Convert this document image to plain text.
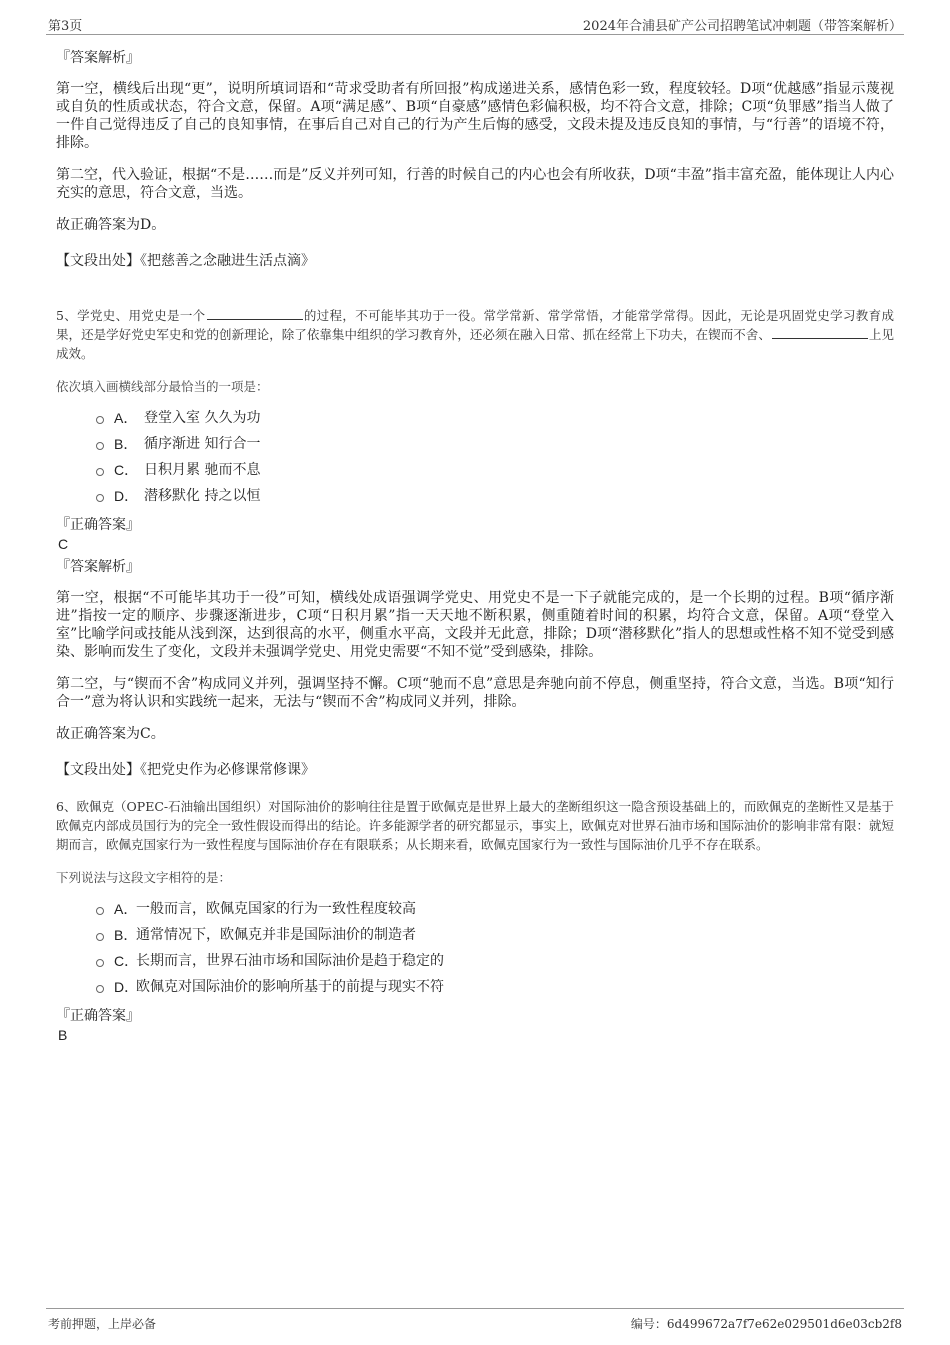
第3页	2024年合浦县矿产公司招聘笔试冲刺题（带答案解析）
『答案解析』
第一空，横线后出现“更”，说明所填词语和“苛求受助者有所回报”构成递进关系，感情色彩一致，程度较轻。D项“优越感”指显示蔑视或自负的性质或状态，符合文意，保留。A项“满足感”、B项“自豪感”感情色彩偏积极，均不符合文意，排除；C项“负罪感”指当人做了一件自己觉得违反了自己的良知事情，在事后自己对自己的行为产生后悔的感受，文段未提及违反良知的事情，与“行善”的语境不符，排除。
第二空，代入验证，根据“不是……而是”反义并列可知，行善的时候自己的内心也会有所收获，D项“丰盈”指丰富充盈，能体现让人内心充实的意思，符合文意，当选。
故正确答案为D。
【文段出处】《把慈善之念融进生活点滴》
5、学党史、用党史是一个	的过程，不可能毕其功于一役。常学常新、常学常悟，才能常学常得。因此，无论是巩固党史学习教育成果，还是学好党史军史和党的创新理论，除了依靠集中组织的学习教育外，还必须在融入日常、抓在经常上下功夫，在锲而不舍、	上见成效。
依次填入画横线部分最恰当的一项是：
A． 登堂入室 久久为功
B． 循序渐进 知行合一
C． 日积月累 驰而不息
D． 潜移默化 持之以恒
『正确答案』
C
『答案解析』
第一空，根据“不可能毕其功于一役”可知，横线处成语强调学党史、用党史不是一下子就能完成的，是一个长期的过程。B项“循序渐进”指按一定的顺序、步骤逐渐进步，C项“日积月累”指一天天地不断积累，侧重随着时间的积累，均符合文意，保留。A项“登堂入室”比喻学问或技能从浅到深，达到很高的水平，侧重水平高，文段并无此意，排除；D项“潜移默化”指人的思想或性格不知不觉受到感染、影响而发生了变化，文段并未强调学党史、用党史需要“不知不觉”受到感染，排除。
第二空，与“锲而不舍”构成同义并列，强调坚持不懈。C项“驰而不息”意思是奔驰向前不停息，侧重坚持，符合文意，当选。B项“知行合一”意为将认识和实践统一起来，无法与“锲而不舍”构成同义并列，排除。
故正确答案为C。
【文段出处】《把党史作为必修课常修课》
6、欧佩克（OPEC-石油输出国组织）对国际油价的影响往往是置于欧佩克是世界上最大的垄断组织这一隐含预设基础上的，而欧佩克的垄断性又是基于欧佩克内部成员国行为的完全一致性假设而得出的结论。许多能源学者的研究都显示，事实上，欧佩克对世界石油市场和国际油价的影响非常有限：就短期而言，欧佩克国家行为一致性程度与国际油价存在有限联系；从长期来看，欧佩克国家行为一致性与国际油价几乎不存在联系。
下列说法与这段文字相符的是：
A．
一般而言，欧佩克国家的行为一致性程度较高
B．
通常情况下，欧佩克并非是国际油价的制造者
C．
长期而言，世界石油市场和国际油价是趋于稳定的
D．
欧佩克对国际油价的影响所基于的前提与现实不符
『正确答案』
B
考前押题，上岸必备	编号：6d499672a7f7e62e029501d6e03cb2f8
